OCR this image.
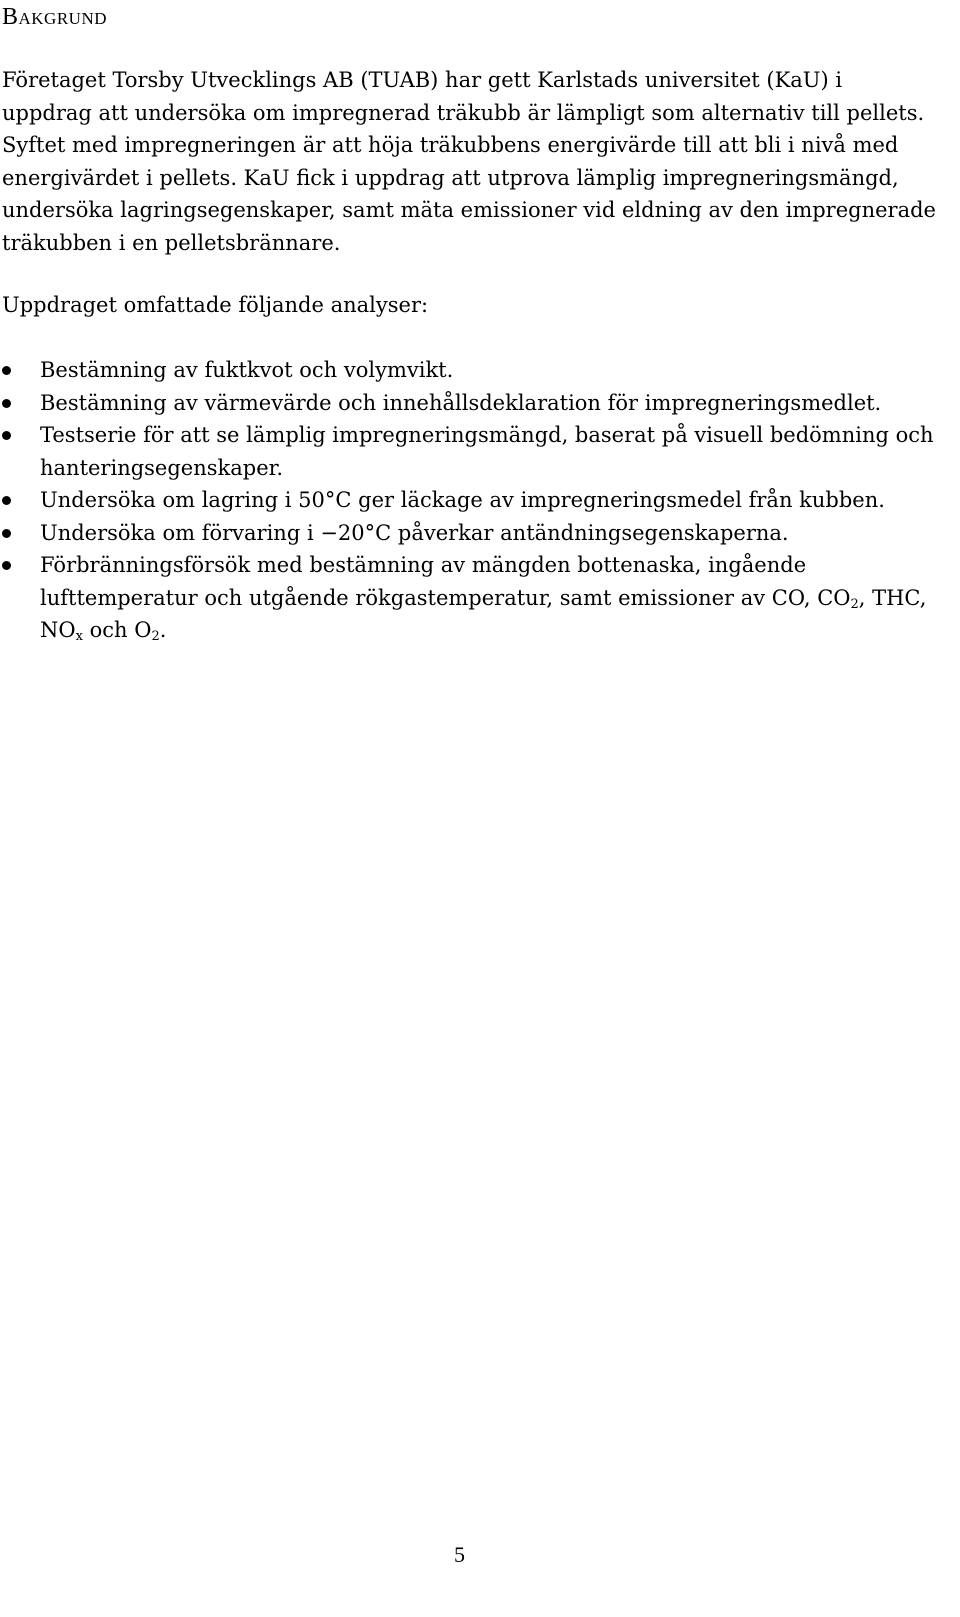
Bakgrund

Företaget Torsby Utvecklings AB (TUAB) har gett Karlstads universitet (KaU) i uppdrag att undersöka om impregnerad träkubb är lämpligt som alternativ till pellets. Syftet med impregneringen är att höja träkubbens energivärde till att bli i nivå med energivärdet i pellets. KaU fick i uppdrag att utprova lämplig impregneringsmängd, undersöka lagringsegenskaper, samt mäta emissioner vid eldning av den impregnerade träkubben i en pelletsbrännare.

Uppdraget omfattade följande analyser:

Bestämning av fuktkvot och volymvikt.
Bestämning av värmevärde och innehållsdeklaration för impregneringsmedlet.
Testserie för att se lämplig impregneringsmängd, baserat på visuell bedömning och hanteringsegenskaper.
Undersöka om lagring i 50°C ger läckage av impregneringsmedel från kubben.
Undersöka om förvaring i −20°C påverkar antändningsegenskaperna.
Förbränningsförsök med bestämning av mängden bottenaska, ingående lufttemperatur och utgående rökgastemperatur, samt emissioner av CO, $CO_2$, THC, $NO_x$ och $O_2$.
5
